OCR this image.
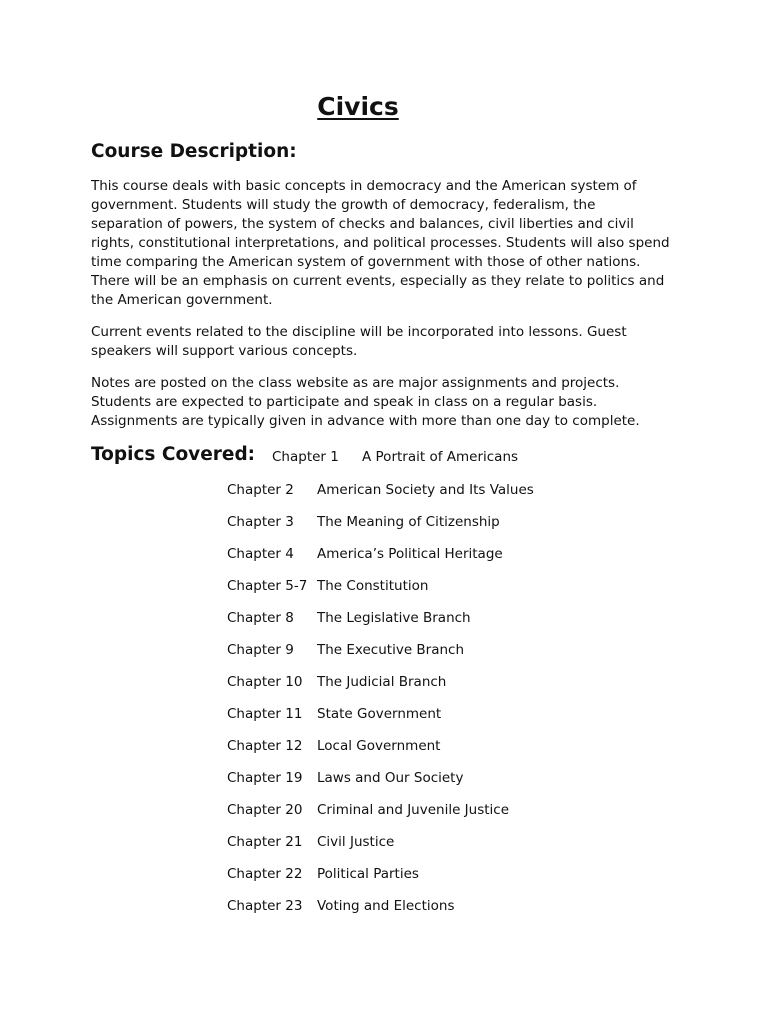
Civics
Course Description:

This course deals with basic concepts in democracy and the American system of government. Students will study the growth of democracy, federalism, the separation of powers, the system of checks and balances, civil liberties and civil rights, constitutional interpretations, and political processes. Students will also spend time comparing the American system of government with those of other nations. There will be an emphasis on current events, especially as they relate to politics and the American government.

Current events related to the discipline will be incorporated into lessons. Guest speakers will support various concepts.

Notes are posted on the class website as are major assignments and projects. Students are expected to participate and speak in class on a regular basis. Assignments are typically given in advance with more than one day to complete.

Topics Covered: Chapter 1 A Portrait of Americans
Chapter 2 American Society and Its Values
Chapter 3 The Meaning of Citizenship
Chapter 4 America’s Political Heritage
Chapter 5-7 The Constitution
Chapter 8 The Legislative Branch
Chapter 9 The Executive Branch
Chapter 10 The Judicial Branch
Chapter 11 State Government
Chapter 12 Local Government
Chapter 19 Laws and Our Society
Chapter 20 Criminal and Juvenile Justice
Chapter 21 Civil Justice
Chapter 22 Political Parties
Chapter 23 Voting and Elections
